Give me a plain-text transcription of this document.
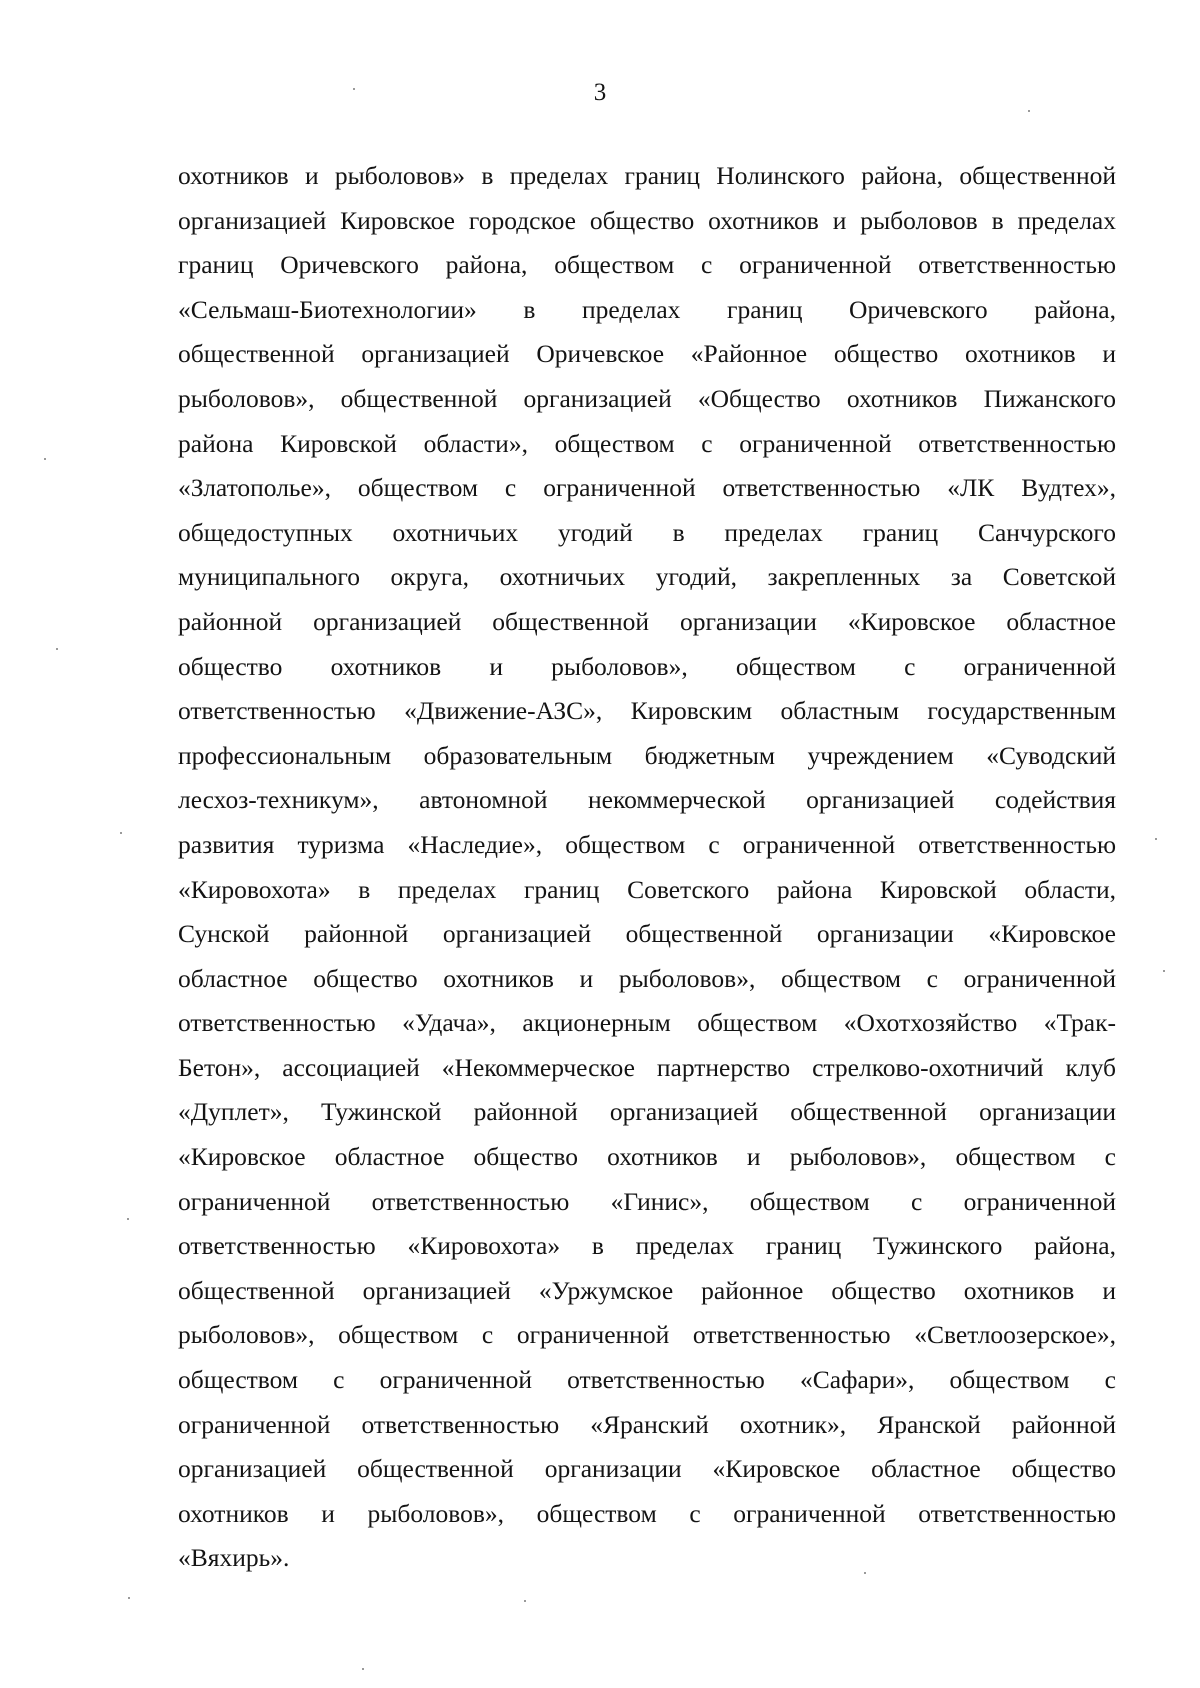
3
охотников и рыболовов» в пределах границ Нолинского района, общественной
организацией Кировское городское общество охотников и рыболовов в пределах
границ Оричевского района, обществом с ограниченной ответственностью
«Сельмаш-Биотехнологии» в пределах границ Оричевского района,
общественной организацией Оричевское «Районное общество охотников и
рыболовов», общественной организацией «Общество охотников Пижанского
района Кировской области», обществом с ограниченной ответственностью
«Златополье», обществом с ограниченной ответственностью «ЛК Вудтех»,
общедоступных охотничьих угодий в пределах границ Санчурского
муниципального округа, охотничьих угодий, закрепленных за Советской
районной организацией общественной организации «Кировское областное
общество охотников и рыболовов», обществом с ограниченной
ответственностью «Движение-АЗС», Кировским областным государственным
профессиональным образовательным бюджетным учреждением «Суводский
лесхоз-техникум», автономной некоммерческой организацией содействия
развития туризма «Наследие», обществом с ограниченной ответственностью
«Кировохота» в пределах границ Советского района Кировской области,
Сунской районной организацией общественной организации «Кировское
областное общество охотников и рыболовов», обществом с ограниченной
ответственностью «Удача», акционерным обществом «Охотхозяйство «Трак-
Бетон», ассоциацией «Некоммерческое партнерство стрелково-охотничий клуб
«Дуплет», Тужинской районной организацией общественной организации
«Кировское областное общество охотников и рыболовов», обществом с
ограниченной ответственностью «Гинис», обществом с ограниченной
ответственностью «Кировохота» в пределах границ Тужинского района,
общественной организацией «Уржумское районное общество охотников и
рыболовов», обществом с ограниченной ответственностью «Светлоозерское»,
обществом с ограниченной ответственностью «Сафари», обществом с
ограниченной ответственностью «Яранский охотник», Яранской районной
организацией общественной организации «Кировское областное общество
охотников и рыболовов», обществом с ограниченной ответственностью
«Вяхирь».
